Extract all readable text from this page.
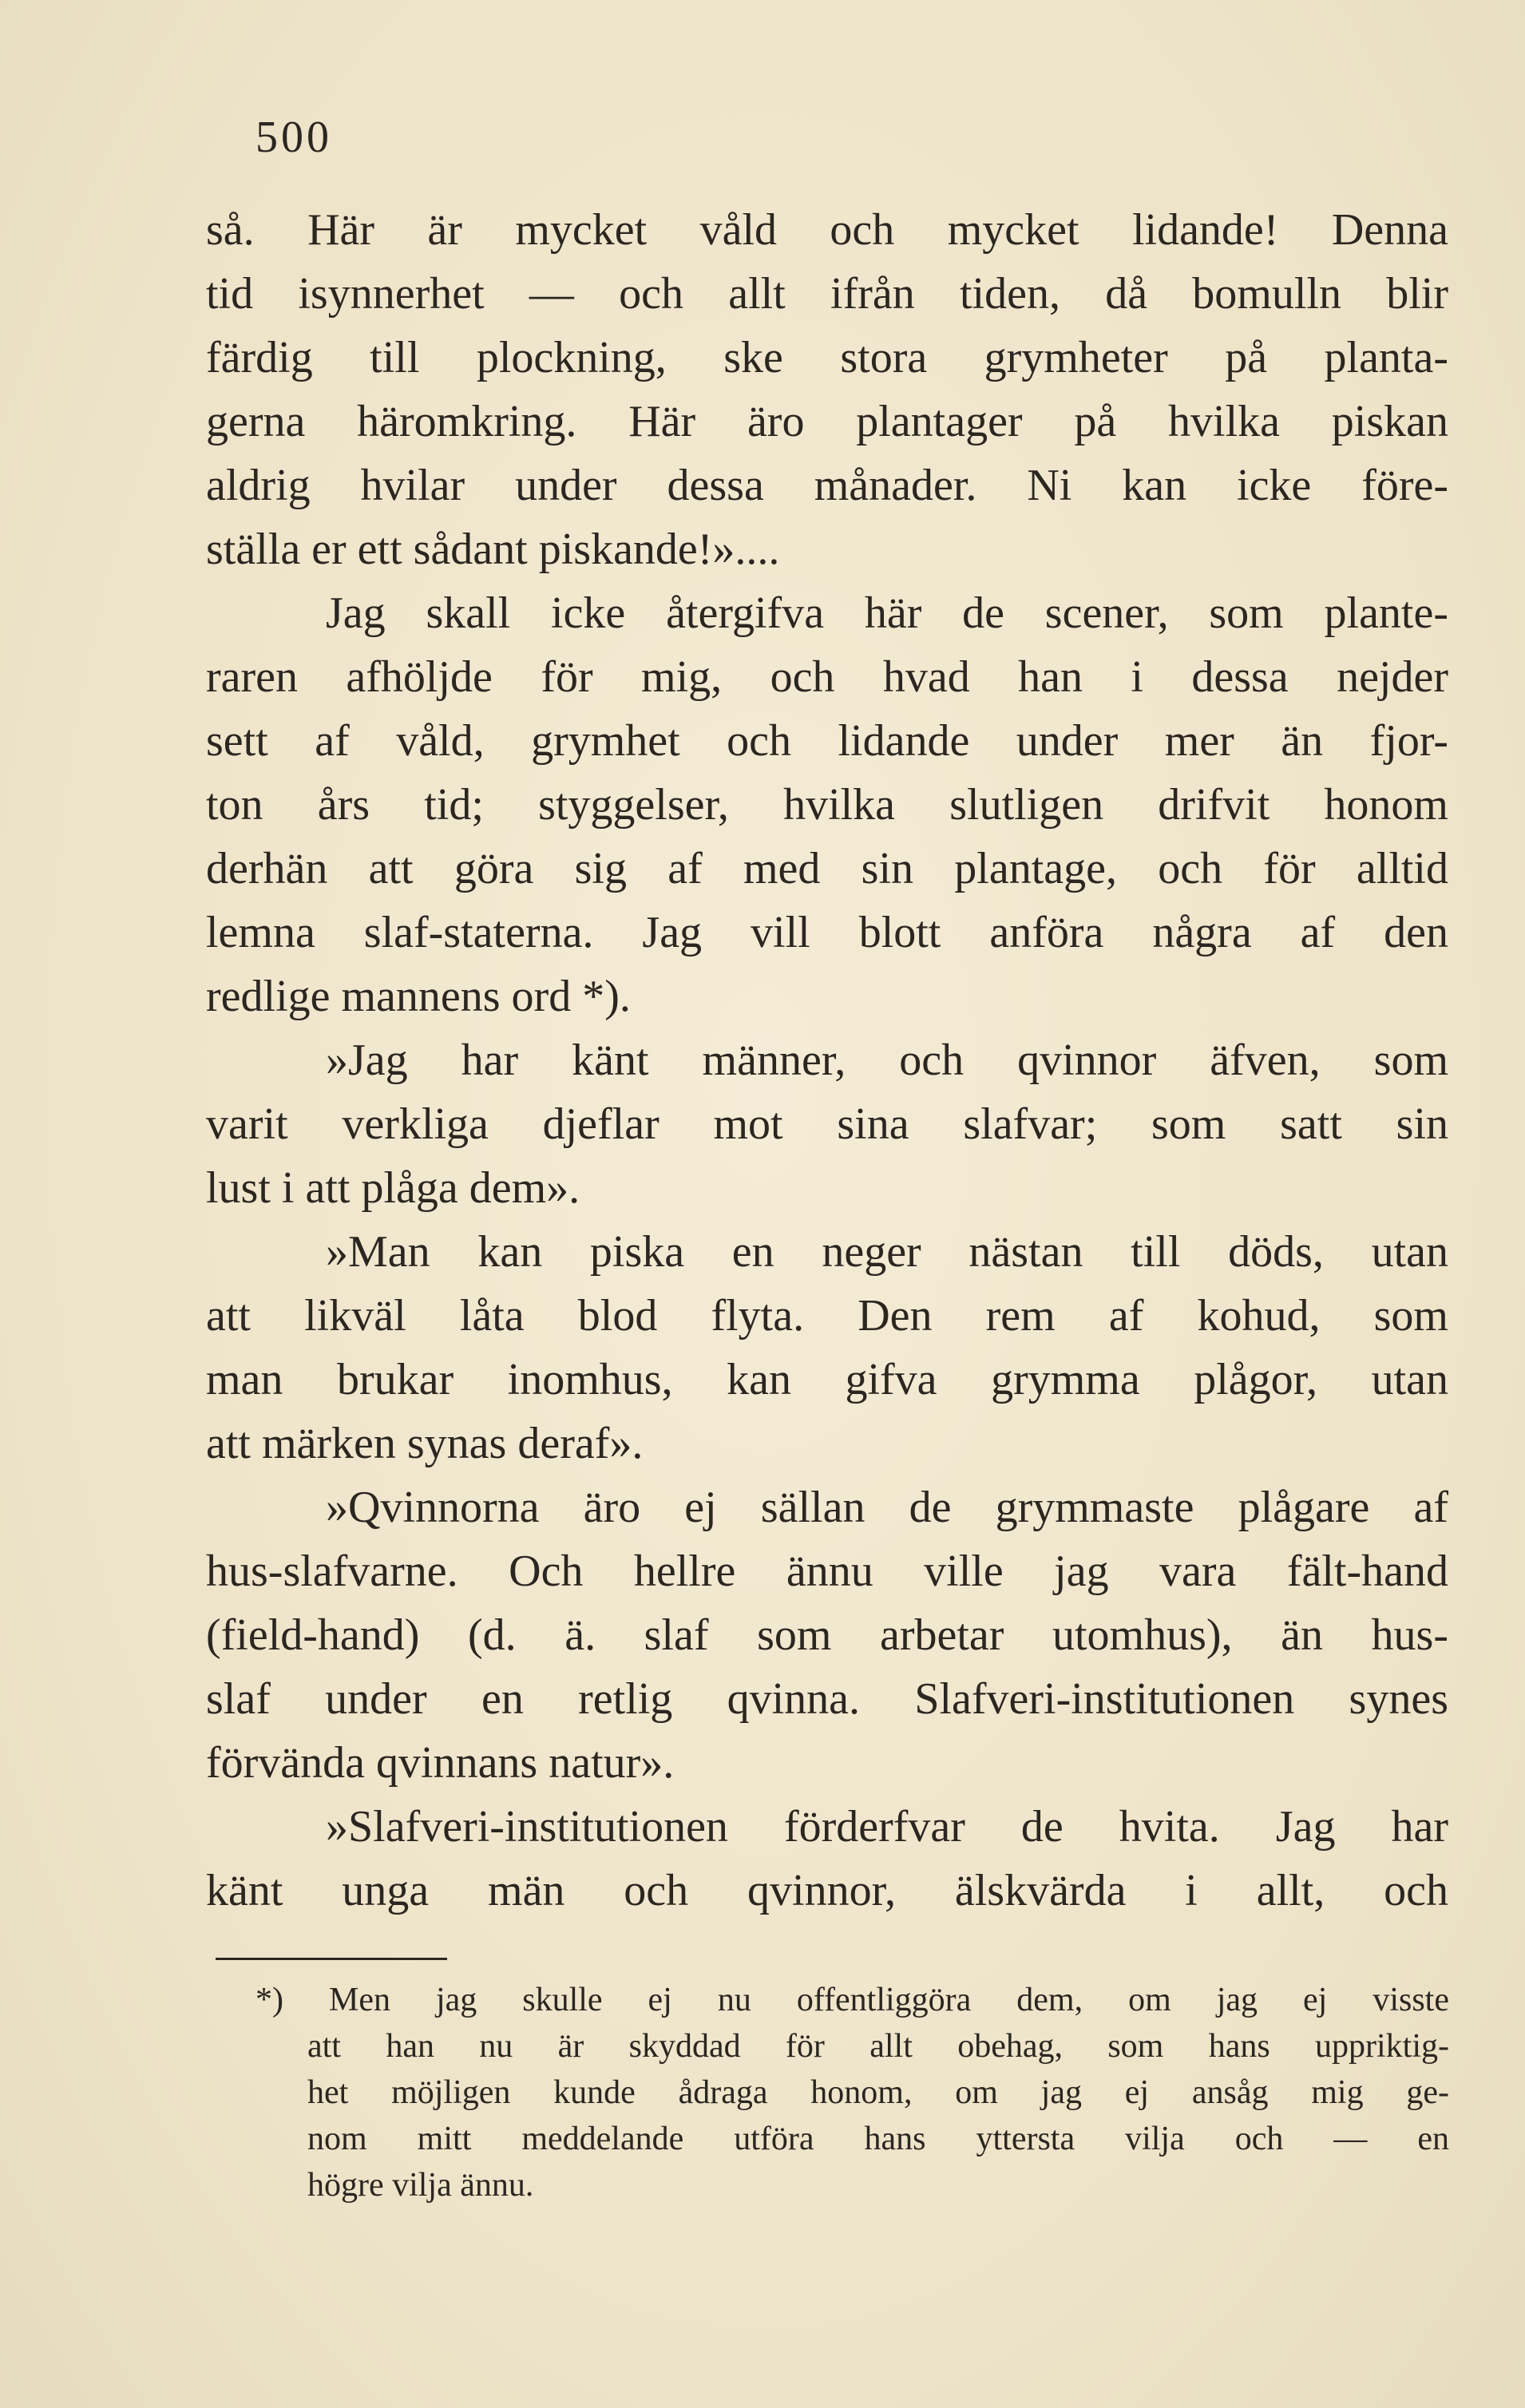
500
så. Här är mycket våld och mycket lidande! Denna
tid isynnerhet — och allt ifrån tiden, då bomulln blir
färdig till plockning, ske stora grymheter på planta-
gerna häromkring. Här äro plantager på hvilka piskan
aldrig hvilar under dessa månader. Ni kan icke före-
ställa er ett sådant piskande!»....
Jag skall icke återgifva här de scener, som plante-
raren afhöljde för mig, och hvad han i dessa nejder
sett af våld, grymhet och lidande under mer än fjor-
ton års tid; styggelser, hvilka slutligen drifvit honom
derhän att göra sig af med sin plantage, och för alltid
lemna slaf-staterna. Jag vill blott anföra några af den
redlige mannens ord *).
»Jag har känt männer, och qvinnor äfven, som
varit verkliga djeflar mot sina slafvar; som satt sin
lust i att plåga dem».
»Man kan piska en neger nästan till döds, utan
att likväl låta blod flyta. Den rem af kohud, som
man brukar inomhus, kan gifva grymma plågor, utan
att märken synas deraf».
»Qvinnorna äro ej sällan de grymmaste plågare af
hus-slafvarne. Och hellre ännu ville jag vara fält-hand
(field-hand) (d. ä. slaf som arbetar utomhus), än hus-
slaf under en retlig qvinna. Slafveri-institutionen synes
förvända qvinnans natur».
»Slafveri-institutionen förderfvar de hvita. Jag har
känt unga män och qvinnor, älskvärda i allt, och
*) Men jag skulle ej nu offentliggöra dem, om jag ej visste
att han nu är skyddad för allt obehag, som hans uppriktig-
het möjligen kunde ådraga honom, om jag ej ansåg mig ge-
nom mitt meddelande utföra hans yttersta vilja och — en
högre vilja ännu.
